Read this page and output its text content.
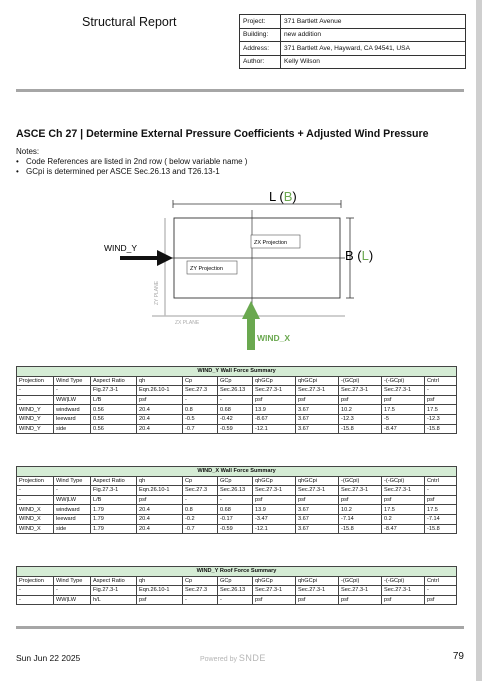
Structural Report	Project:	371 Bartlett Avenue
Building:	new addition
Address:	371 Bartlett Ave, Hayward, CA 94541, USA
Author:	Kelly Wilson
ASCE Ch 27 | Determine External Pressure Coefficients + Adjusted Wind Pressure
Notes:
• Code References are listed in 2nd row ( below variable name )
• GCpi is determined per ASCE Sec.26.13 and T26.13-1
L (B)
B (L)
ZX Projection
ZY Projection
ZY PLANE
ZX PLANE
WIND_Y
WIND_X
WIND_Y Wall Force Summary										
Projection	Wind Type	Aspect Ratio	qh	Cp	GCp	qhGCp	qhGCpi	-(GCpi)	-(-GCpi)	Cntrl
-	-	Fig.27.3-1	Eqn.26.10-1	Sec.27.3	Sec.26.13	Sec.27.3-1	Sec.27.3-1	Sec.27.3-1	Sec.27.3-1	-
-	WW|LW	L/B	psf	-	-	psf	psf	psf	psf	psf
WIND_Y	windward	0.56	20.4	0.8	0.68	13.9	3.67	10.2	17.5	17.5
WIND_Y	leeward	0.56	20.4	-0.5	-0.42	-8.67	3.67	-12.3	-5	-12.3
WIND_Y	side	0.56	20.4	-0.7	-0.59	-12.1	3.67	-15.8	-8.47	-15.8
WIND_X Wall Force Summary										
Projection	Wind Type	Aspect Ratio	qh	Cp	GCp	qhGCp	qhGCpi	-(GCpi)	-(-GCpi)	Cntrl
-	-	Fig.27.3-1	Eqn.26.10-1	Sec.27.3	Sec.26.13	Sec.27.3-1	Sec.27.3-1	Sec.27.3-1	Sec.27.3-1	-
-	WW|LW	L/B	psf	-	-	psf	psf	psf	psf	psf
WIND_X	windward	1.79	20.4	0.8	0.68	13.9	3.67	10.2	17.5	17.5
WIND_X	leeward	1.79	20.4	-0.2	-0.17	-3.47	3.67	-7.14	0.2	-7.14
WIND_X	side	1.79	20.4	-0.7	-0.59	-12.1	3.67	-15.8	-8.47	-15.8
WIND_Y Roof Force Summary										
Projection	Wind Type	Aspect Ratio	qh	Cp	GCp	qhGCp	qhGCpi	-(GCpi)	-(-GCpi)	Cntrl
-	-	Fig.27.3-1	Eqn.26.10-1	Sec.27.3	Sec.26.13	Sec.27.3-1	Sec.27.3-1	Sec.27.3-1	Sec.27.3-1	-
-	WW|LW	h/L	psf	-	-	psf	psf	psf	psf	psf
Sun Jun 22 2025	Powered by SNDE	79
